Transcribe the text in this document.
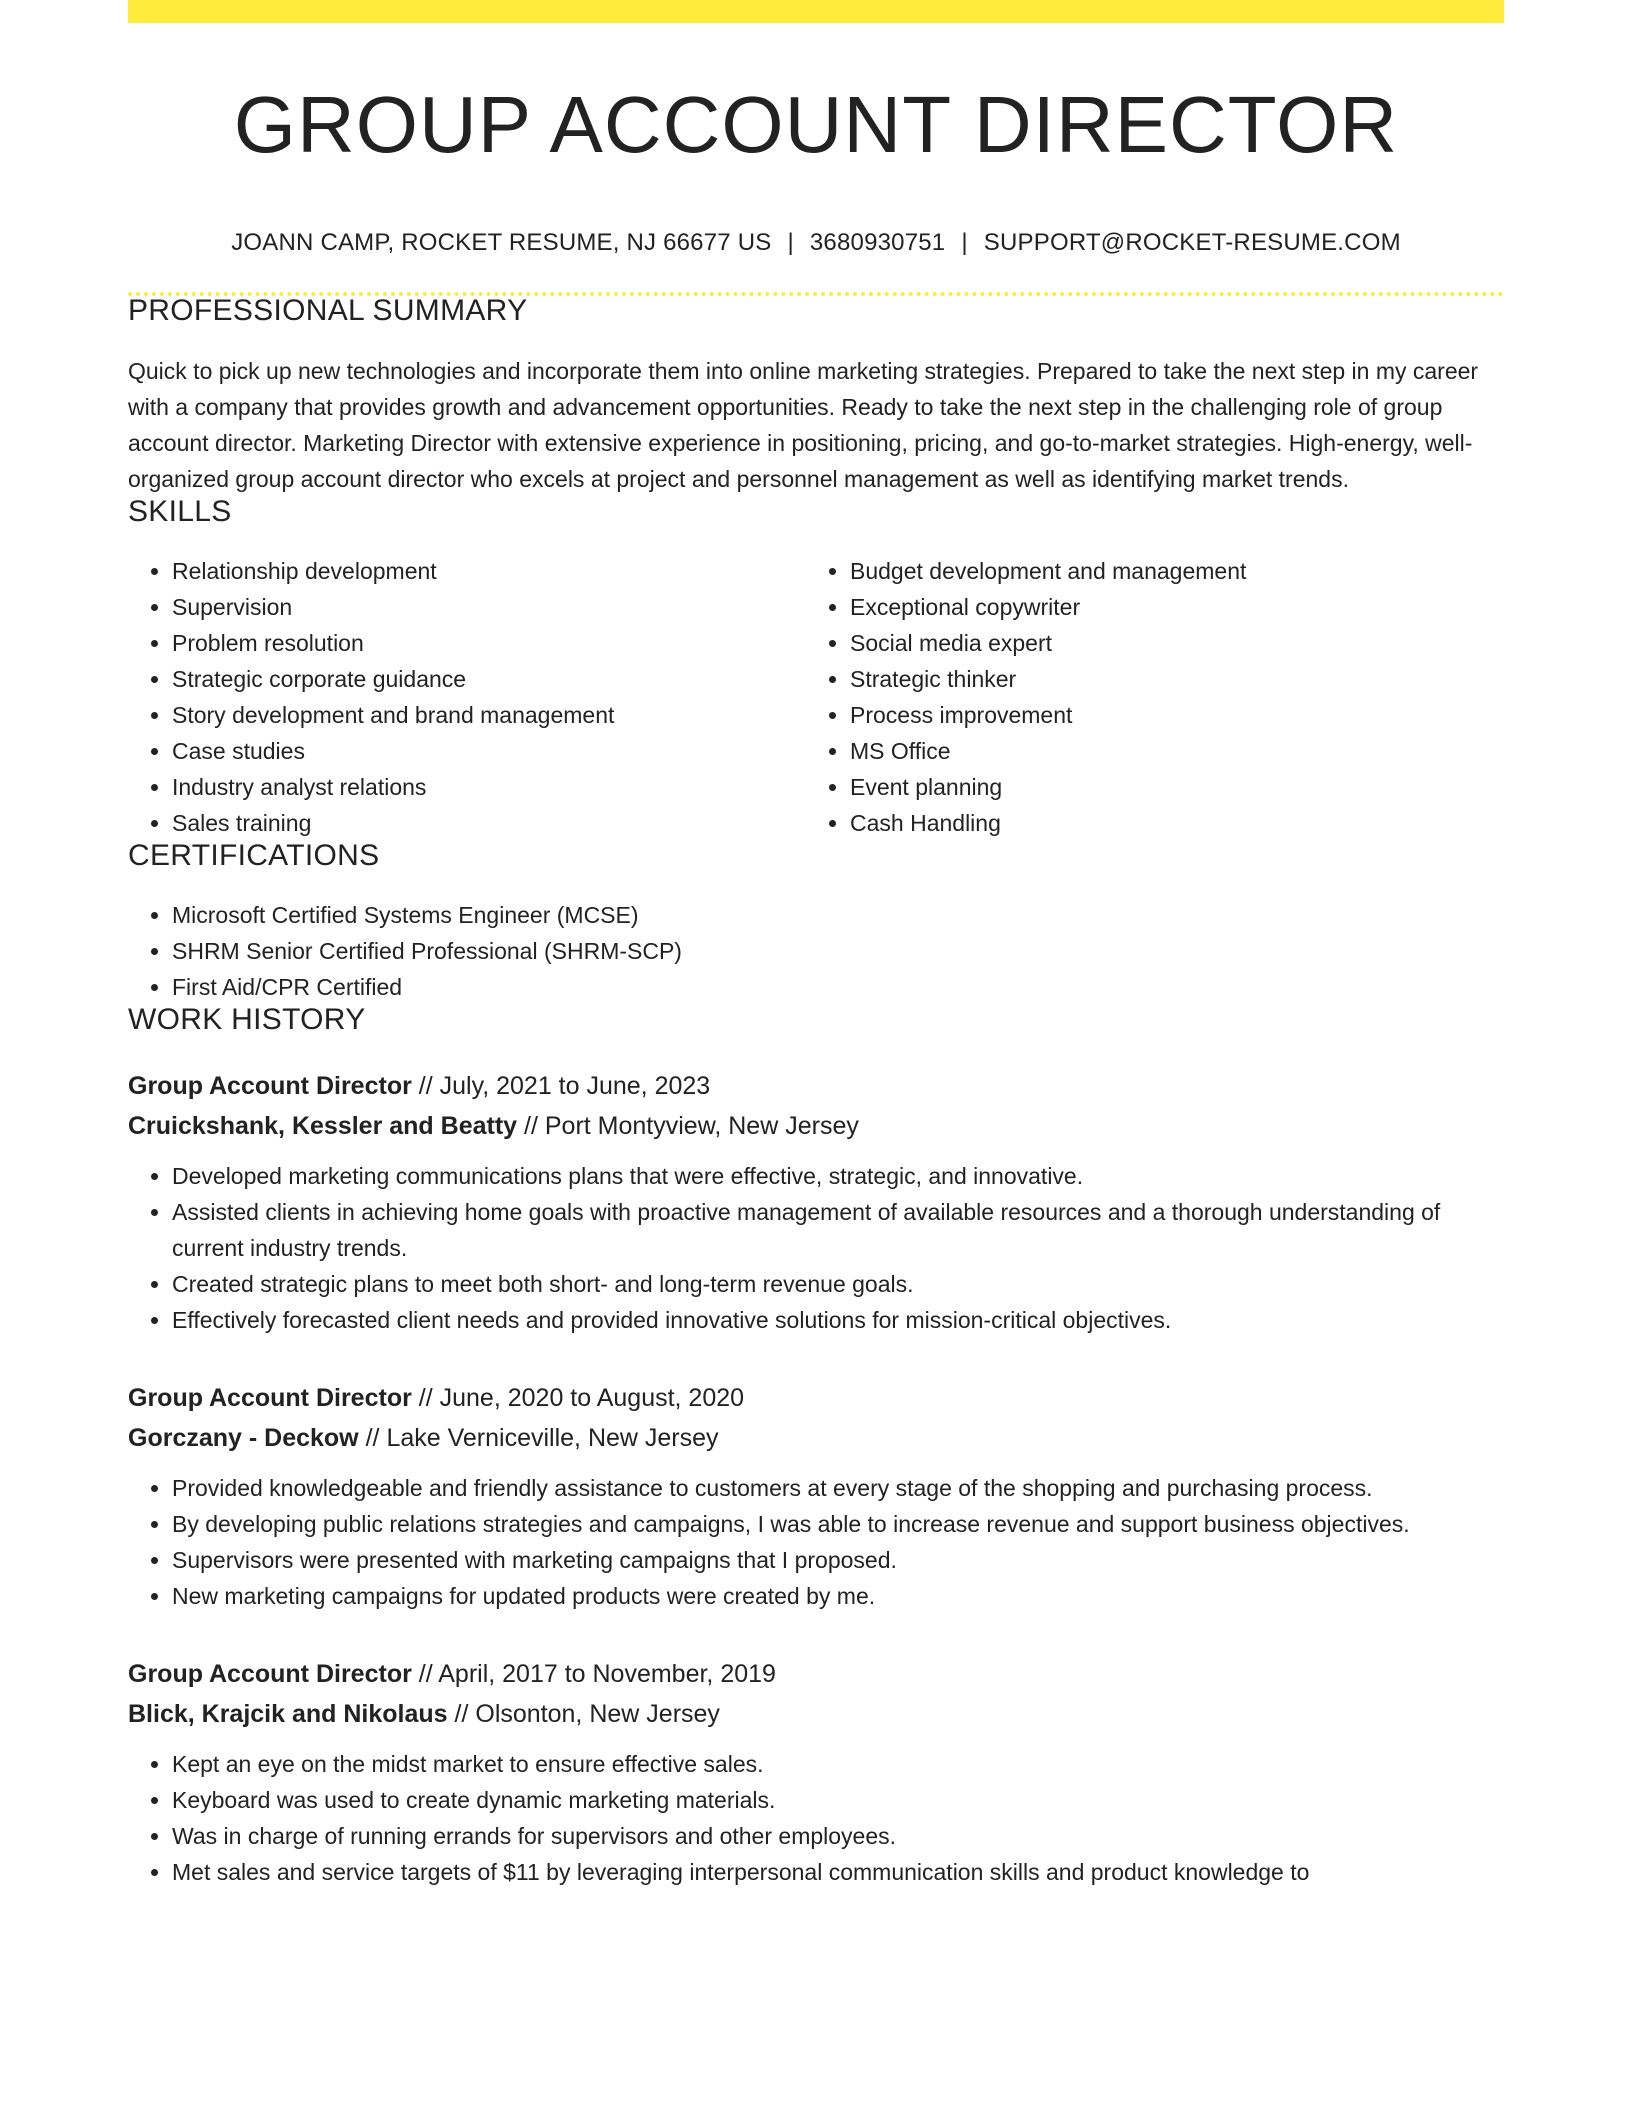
GROUP ACCOUNT DIRECTOR
JOANN CAMP, ROCKET RESUME, NJ 66677 US | 3680930751 | SUPPORT@ROCKET-RESUME.COM
PROFESSIONAL SUMMARY

Quick to pick up new technologies and incorporate them into online marketing strategies. Prepared to take the next step in my career with a company that provides growth and advancement opportunities. Ready to take the next step in the challenging role of group account director. Marketing Director with extensive experience in positioning, pricing, and go-to-market strategies. High-energy, well-organized group account director who excels at project and personnel management as well as identifying market trends.

SKILLS
• Relationship development
• Supervision
• Problem resolution
• Strategic corporate guidance
• Story development and brand management
• Case studies
• Industry analyst relations
• Sales training
• Budget development and management
• Exceptional copywriter
• Social media expert
• Strategic thinker
• Process improvement
• MS Office
• Event planning
• Cash Handling
CERTIFICATIONS
• Microsoft Certified Systems Engineer (MCSE)
• SHRM Senior Certified Professional (SHRM-SCP)
• First Aid/CPR Certified
WORK HISTORY
Group Account Director // July, 2021 to June, 2023
Cruickshank, Kessler and Beatty // Port Montyview, New Jersey
• Developed marketing communications plans that were effective, strategic, and innovative.
• Assisted clients in achieving home goals with proactive management of available resources and a thorough understanding of current industry trends.
• Created strategic plans to meet both short- and long-term revenue goals.
• Effectively forecasted client needs and provided innovative solutions for mission-critical objectives.
Group Account Director // June, 2020 to August, 2020
Gorczany - Deckow // Lake Verniceville, New Jersey
• Provided knowledgeable and friendly assistance to customers at every stage of the shopping and purchasing process.
• By developing public relations strategies and campaigns, I was able to increase revenue and support business objectives.
• Supervisors were presented with marketing campaigns that I proposed.
• New marketing campaigns for updated products were created by me.
Group Account Director // April, 2017 to November, 2019
Blick, Krajcik and Nikolaus // Olsonton, New Jersey
• Kept an eye on the midst market to ensure effective sales.
• Keyboard was used to create dynamic marketing materials.
• Was in charge of running errands for supervisors and other employees.
• Met sales and service targets of $11 by leveraging interpersonal communication skills and product knowledge to
